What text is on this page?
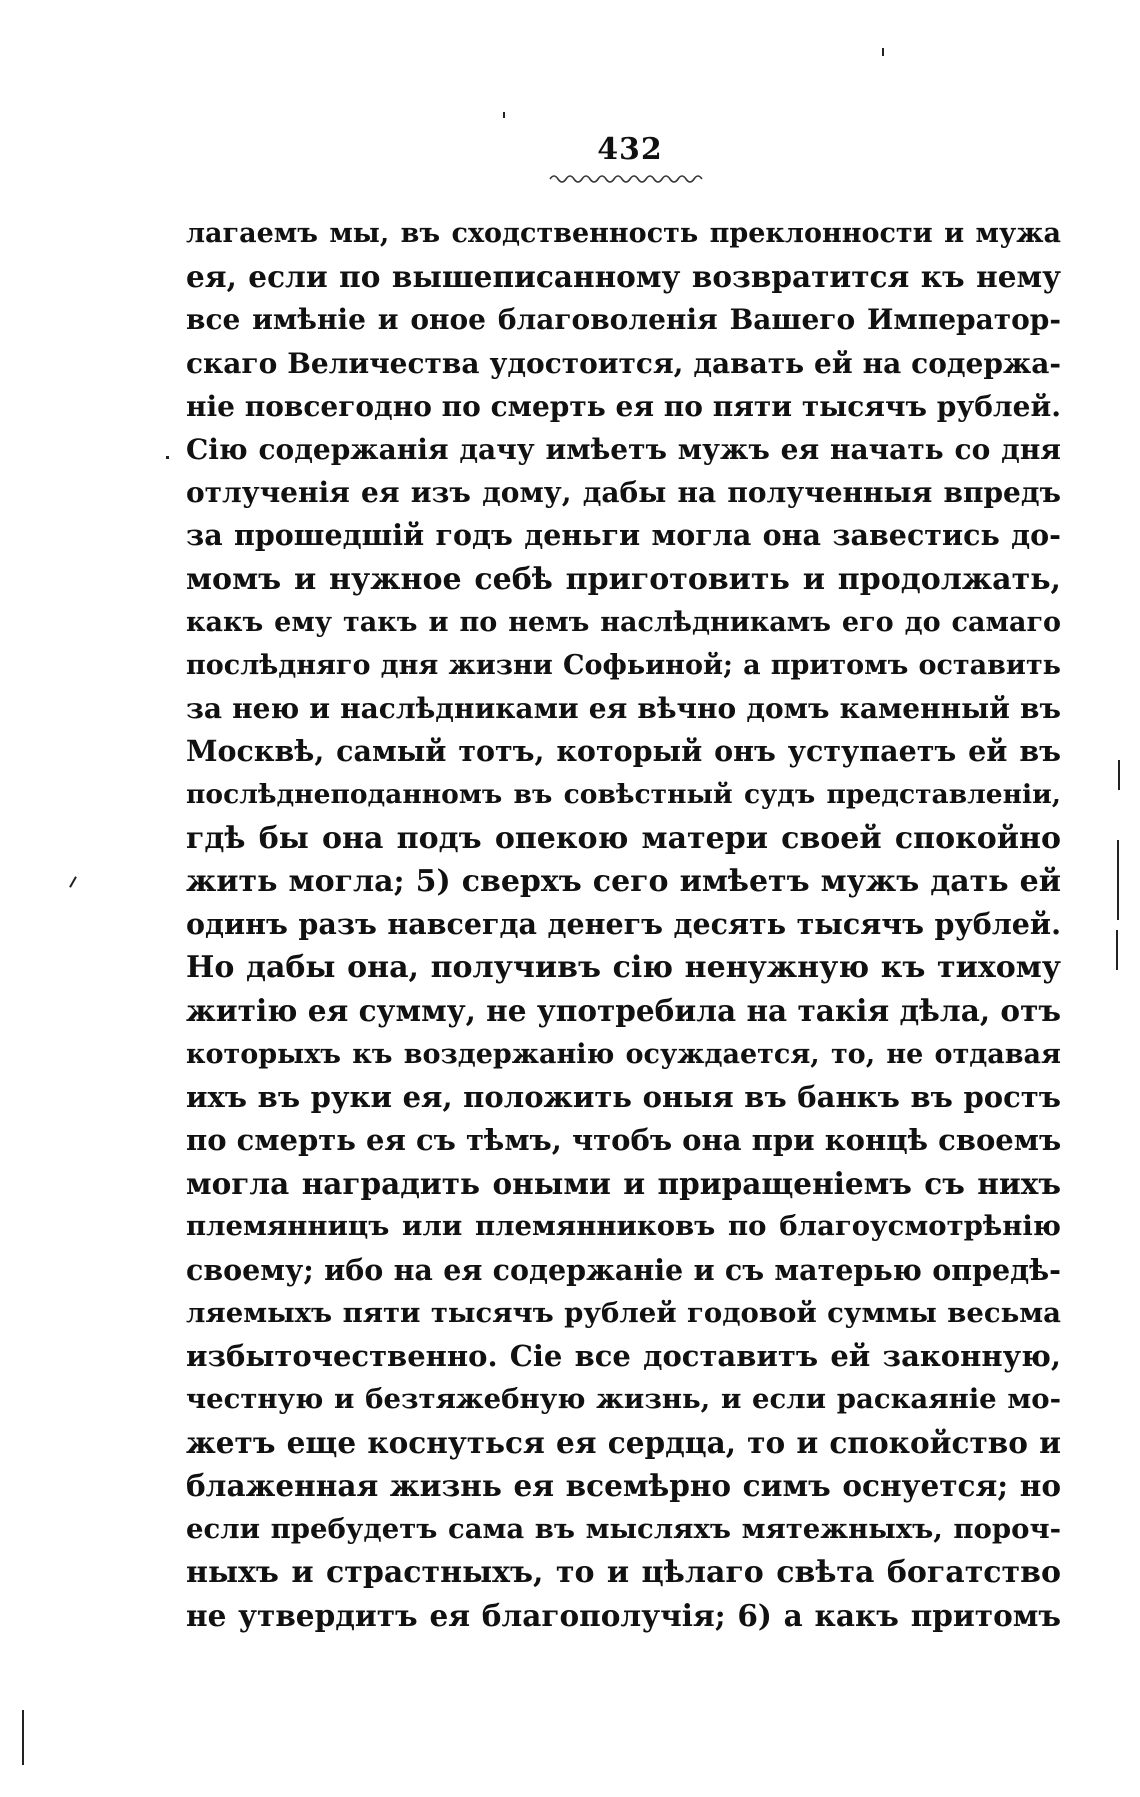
432
лагаемъ мы, въ сходственность преклонности и мужа
ея, если по вышеписанному возвратится къ нему
все имѣніе и оное благоволенія Вашего Император-
скаго Величества удостоится, давать ей на содержа-
ніе повсегодно по смерть ея по пяти тысячъ рублей.
Сію содержанія дачу имѣетъ мужъ ея начать со дня
отлученія ея изъ дому, дабы на полученныя впредъ
за прошедшій годъ деньги могла она завестись до-
момъ и нужное себѣ приготовить и продолжать,
какъ ему такъ и по немъ наслѣдникамъ его до самаго
послѣдняго дня жизни Софьиной; а притомъ оставить
за нею и наслѣдниками ея вѣчно домъ каменный въ
Москвѣ, самый тотъ, который онъ уступаетъ ей въ
послѣднеподанномъ въ совѣстный судъ представленіи,
гдѣ бы она подъ опекою матери своей спокойно
жить могла; 5) сверхъ сего имѣетъ мужъ дать ей
одинъ разъ навсегда денегъ десять тысячъ рублей.
Но дабы она, получивъ сію ненужную къ тихому
житію ея сумму, не употребила на такія дѣла, отъ
которыхъ къ воздержанію осуждается, то, не отдавая
ихъ въ руки ея, положить оныя въ банкъ въ ростъ
по смерть ея съ тѣмъ, чтобъ она при концѣ своемъ
могла наградить оными и приращеніемъ съ нихъ
племянницъ или племянниковъ по благоусмотрѣнію
своему; ибо на ея содержаніе и съ матерью опредѣ-
ляемыхъ пяти тысячъ рублей годовой суммы весьма
избыточественно. Сіе все доставитъ ей законную,
честную и безтяжебную жизнь, и если раскаяніе мо-
жетъ еще коснуться ея сердца, то и спокойство и
блаженная жизнь ея всемѣрно симъ оснуется; но
если пребудетъ сама въ мысляхъ мятежныхъ, пороч-
ныхъ и страстныхъ, то и цѣлаго свѣта богатство
не утвердитъ ея благополучія; 6) а какъ притомъ
